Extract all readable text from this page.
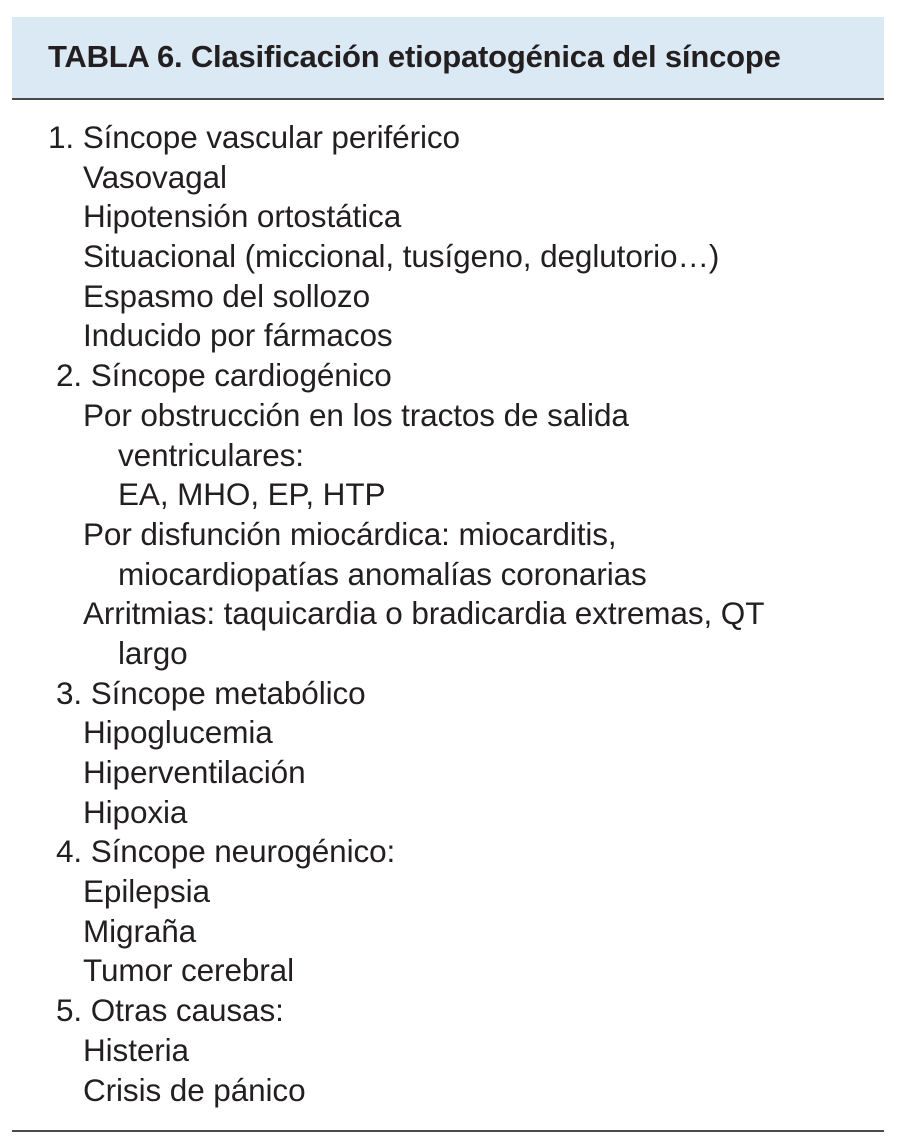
TABLA 6. Clasificación etiopatogénica del síncope
1. Síncope vascular periférico
Vasovagal
Hipotensión ortostática
Situacional (miccional, tusígeno, deglutorio…)
Espasmo del sollozo
Inducido por fármacos
2. Síncope cardiogénico
Por obstrucción en los tractos de salida
ventriculares:
EA, MHO, EP, HTP
Por disfunción miocárdica: miocarditis,
miocardiopatías anomalías coronarias
Arritmias: taquicardia o bradicardia extremas, QT
largo
3. Síncope metabólico
Hipoglucemia
Hiperventilación
Hipoxia
4. Síncope neurogénico:
Epilepsia
Migraña
Tumor cerebral
5. Otras causas:
Histeria
Crisis de pánico
